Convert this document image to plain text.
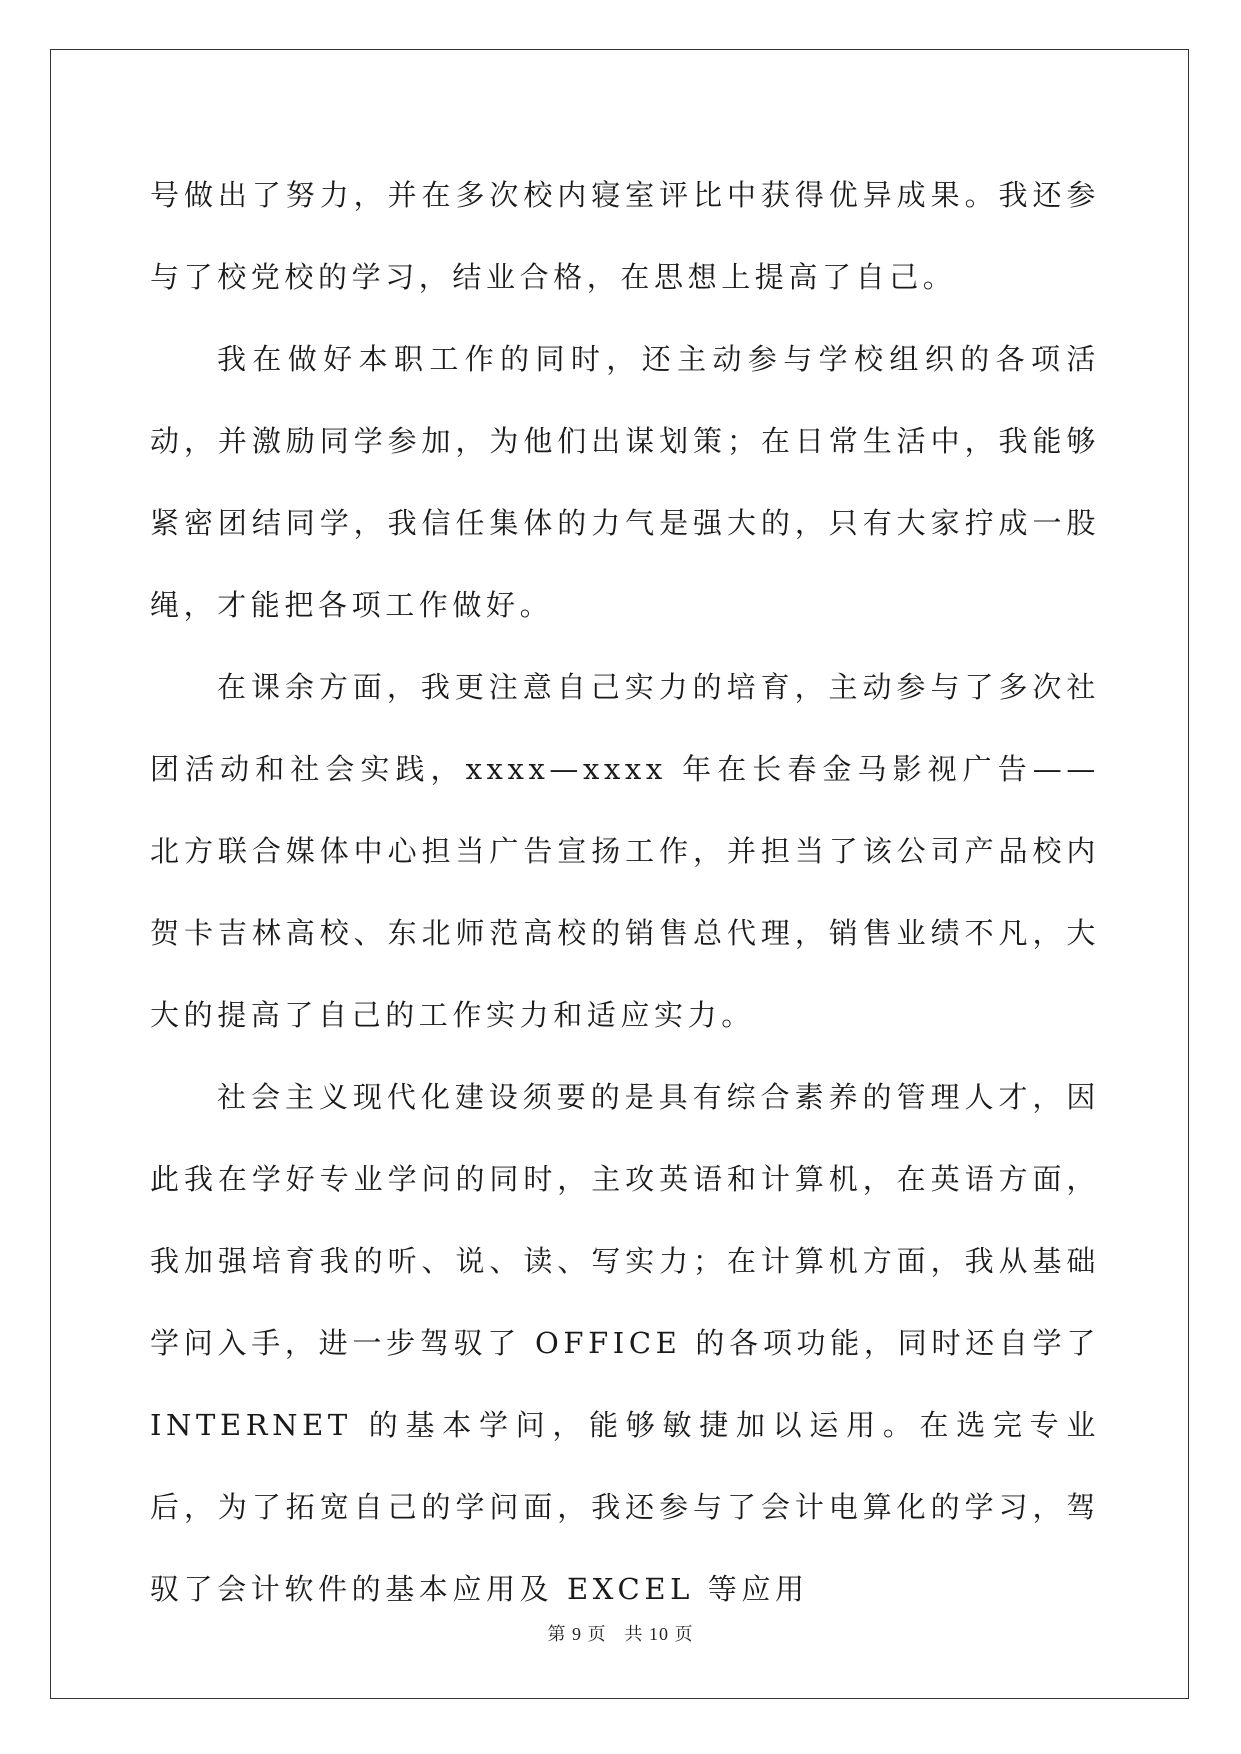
号做出了努力，并在多次校内寝室评比中获得优异成果。我还参与了校党校的学习，结业合格，在思想上提高了自己。

我在做好本职工作的同时，还主动参与学校组织的各项活动，并激励同学参加，为他们出谋划策；在日常生活中，我能够紧密团结同学，我信任集体的力气是强大的，只有大家拧成一股绳，才能把各项工作做好。

在课余方面，我更注意自己实力的培育，主动参与了多次社团活动和社会实践，xxxx—xxxx 年在长春金马影视广告——北方联合媒体中心担当广告宣扬工作，并担当了该公司产品校内贺卡吉林高校、东北师范高校的销售总代理，销售业绩不凡，大大的提高了自己的工作实力和适应实力。

社会主义现代化建设须要的是具有综合素养的管理人才，因此我在学好专业学问的同时，主攻英语和计算机，在英语方面，我加强培育我的听、说、读、写实力；在计算机方面，我从基础学问入手，进一步驾驭了 OFFICE 的各项功能，同时还自学了 INTERNET 的基本学问，能够敏捷加以运用。在选完专业后，为了拓宽自己的学问面，我还参与了会计电算化的学习，驾驭了会计软件的基本应用及 EXCEL 等应用

第 9 页 共 10 页
